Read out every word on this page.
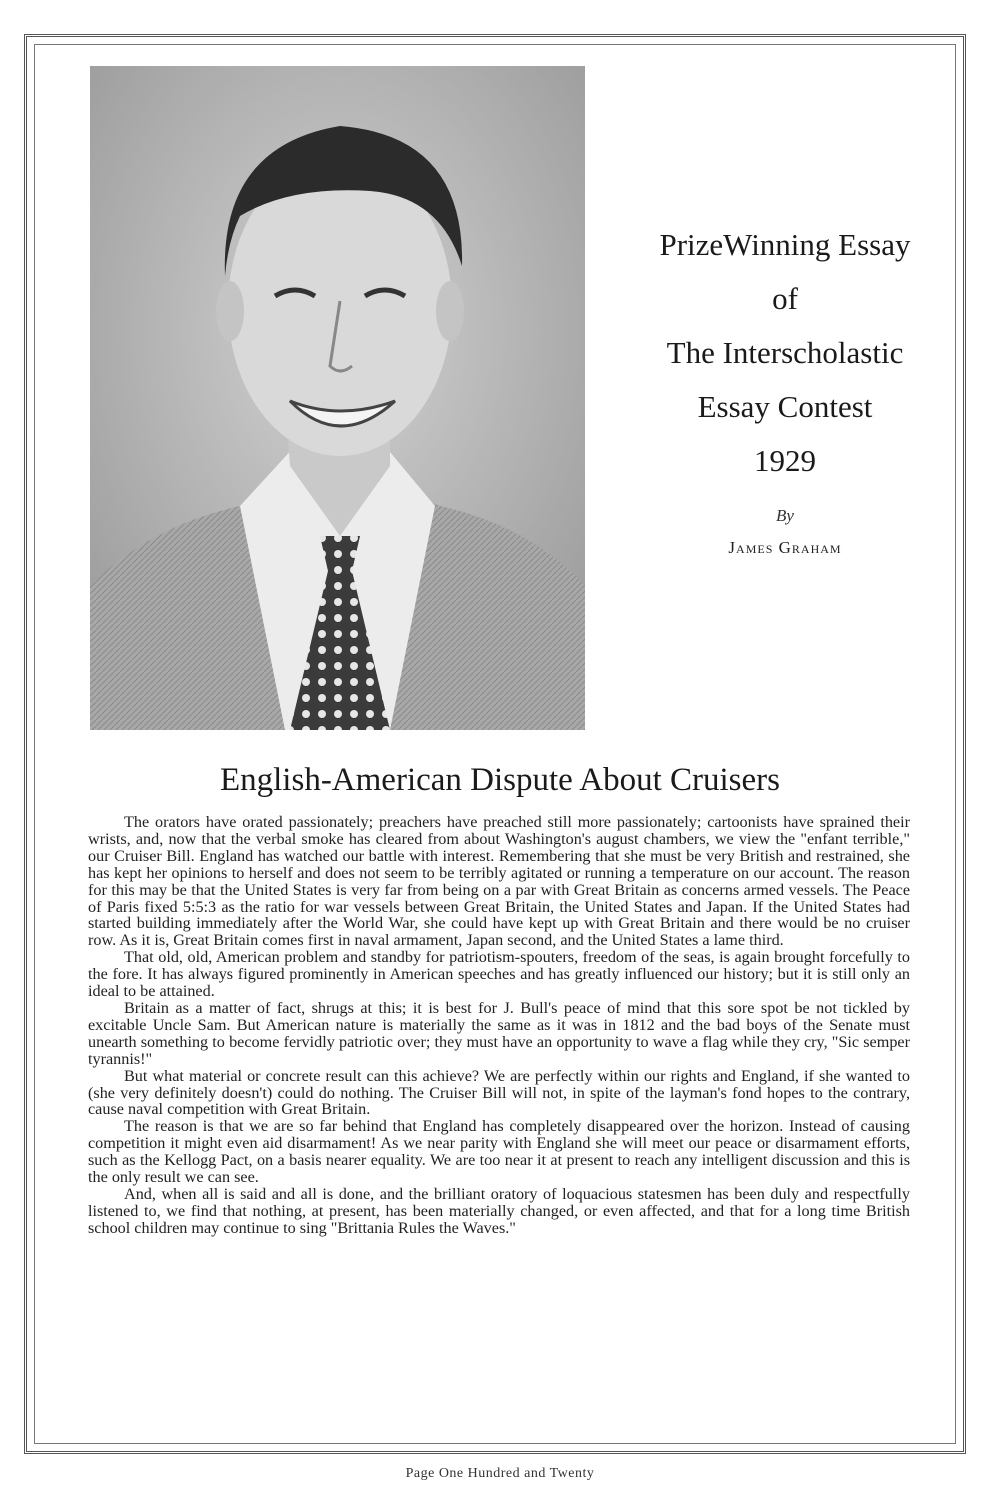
PrizeWinning Essay
of
The Interscholastic
Essay Contest
1929
By
James Graham
English-American Dispute About Cruisers

The orators have orated passionately; preachers have preached still more passionately; cartoonists have sprained their wrists, and, now that the verbal smoke has cleared from about Washington's august chambers, we view the "enfant terrible," our Cruiser Bill. England has watched our battle with interest. Remembering that she must be very British and restrained, she has kept her opinions to herself and does not seem to be terribly agitated or running a temperature on our account. The reason for this may be that the United States is very far from being on a par with Great Britain as concerns armed vessels. The Peace of Paris fixed 5:5:3 as the ratio for war vessels between Great Britain, the United States and Japan. If the United States had started building immediately after the World War, she could have kept up with Great Britain and there would be no cruiser row. As it is, Great Britain comes first in naval armament, Japan second, and the United States a lame third.

That old, old, American problem and standby for patriotism-spouters, freedom of the seas, is again brought forcefully to the fore. It has always figured prominently in American speeches and has greatly influenced our history; but it is still only an ideal to be attained.

Britain as a matter of fact, shrugs at this; it is best for J. Bull's peace of mind that this sore spot be not tickled by excitable Uncle Sam. But American nature is materially the same as it was in 1812 and the bad boys of the Senate must unearth something to become fervidly patriotic over; they must have an opportunity to wave a flag while they cry, "Sic semper tyrannis!"

But what material or concrete result can this achieve? We are perfectly within our rights and England, if she wanted to (she very definitely doesn't) could do nothing. The Cruiser Bill will not, in spite of the layman's fond hopes to the contrary, cause naval competition with Great Britain.

The reason is that we are so far behind that England has completely disappeared over the horizon. Instead of causing competition it might even aid disarmament! As we near parity with England she will meet our peace or disarmament efforts, such as the Kellogg Pact, on a basis nearer equality. We are too near it at present to reach any intelligent discussion and this is the only result we can see.

And, when all is said and all is done, and the brilliant oratory of loquacious statesmen has been duly and respectfully listened to, we find that nothing, at present, has been materially changed, or even affected, and that for a long time British school children may continue to sing "Brittania Rules the Waves."

Page One Hundred and Twenty
